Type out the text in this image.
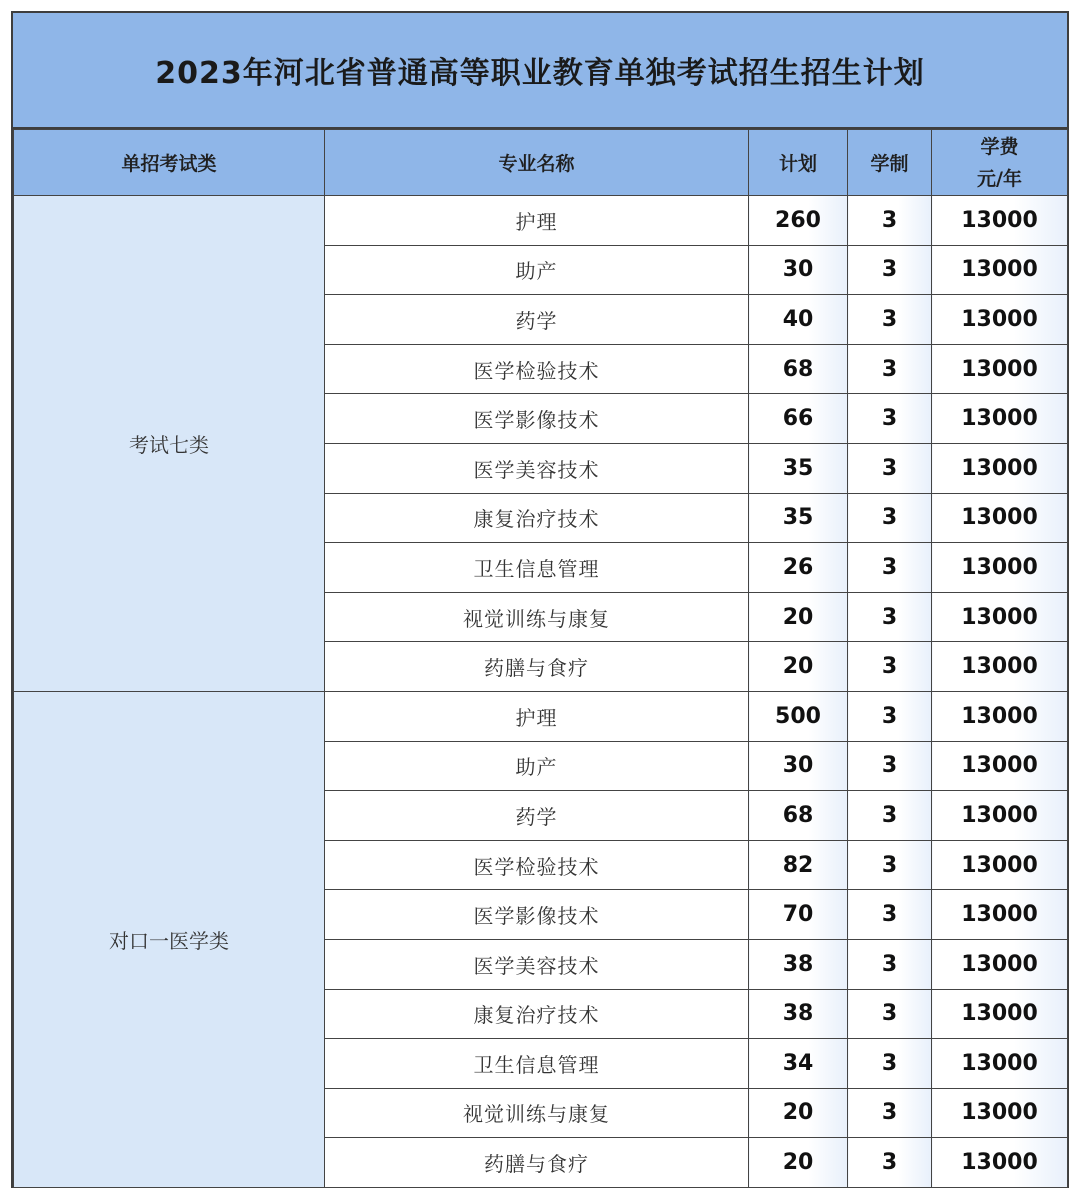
2023年河北省普通高等职业教育单独考试招生招生计划
单招考试类	专业名称	计划	学制	学费
元/年

考试七类	护理	260	3	13000
	助产	30	3	13000
	药学	40	3	13000
	医学检验技术	68	3	13000
	医学影像技术	66	3	13000
	医学美容技术	35	3	13000
	康复治疗技术	35	3	13000
	卫生信息管理	26	3	13000
	视觉训练与康复	20	3	13000
	药膳与食疗	20	3	13000
对口一医学类	护理	500	3	13000
	助产	30	3	13000
	药学	68	3	13000
	医学检验技术	82	3	13000
	医学影像技术	70	3	13000
	医学美容技术	38	3	13000
	康复治疗技术	38	3	13000
	卫生信息管理	34	3	13000
	视觉训练与康复	20	3	13000
	药膳与食疗	20	3	13000
